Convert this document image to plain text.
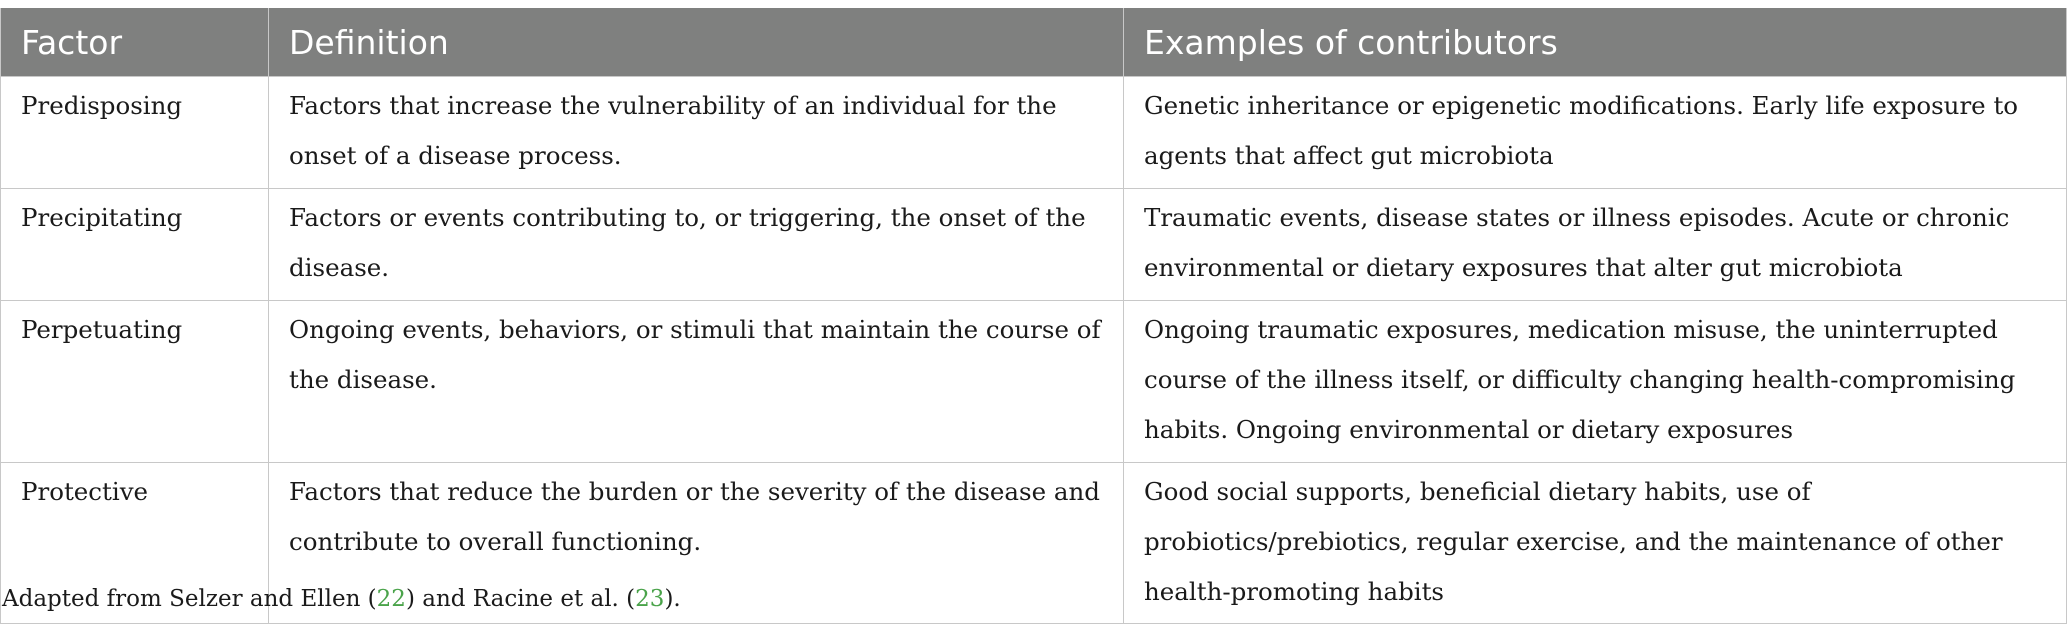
Factor	Definition	Examples of contributors
Predisposing	Factors that increase the vulnerability of an individual for the onset of a disease process.	Genetic inheritance or epigenetic modifications. Early life exposure to agents that affect gut microbiota
Precipitating	Factors or events contributing to, or triggering, the onset of the disease.	Traumatic events, disease states or illness episodes. Acute or chronic environmental or dietary exposures that alter gut microbiota
Perpetuating	Ongoing events, behaviors, or stimuli that maintain the course of the disease.	Ongoing traumatic exposures, medication misuse, the uninterrupted course of the illness itself, or difficulty changing health-compromising habits. Ongoing environmental or dietary exposures
Protective	Factors that reduce the burden or the severity of the disease and contribute to overall functioning.	Good social supports, beneficial dietary habits, use of probiotics/prebiotics, regular exercise, and the maintenance of other health-promoting habits
Adapted from Selzer and Ellen (22) and Racine et al. (23).
